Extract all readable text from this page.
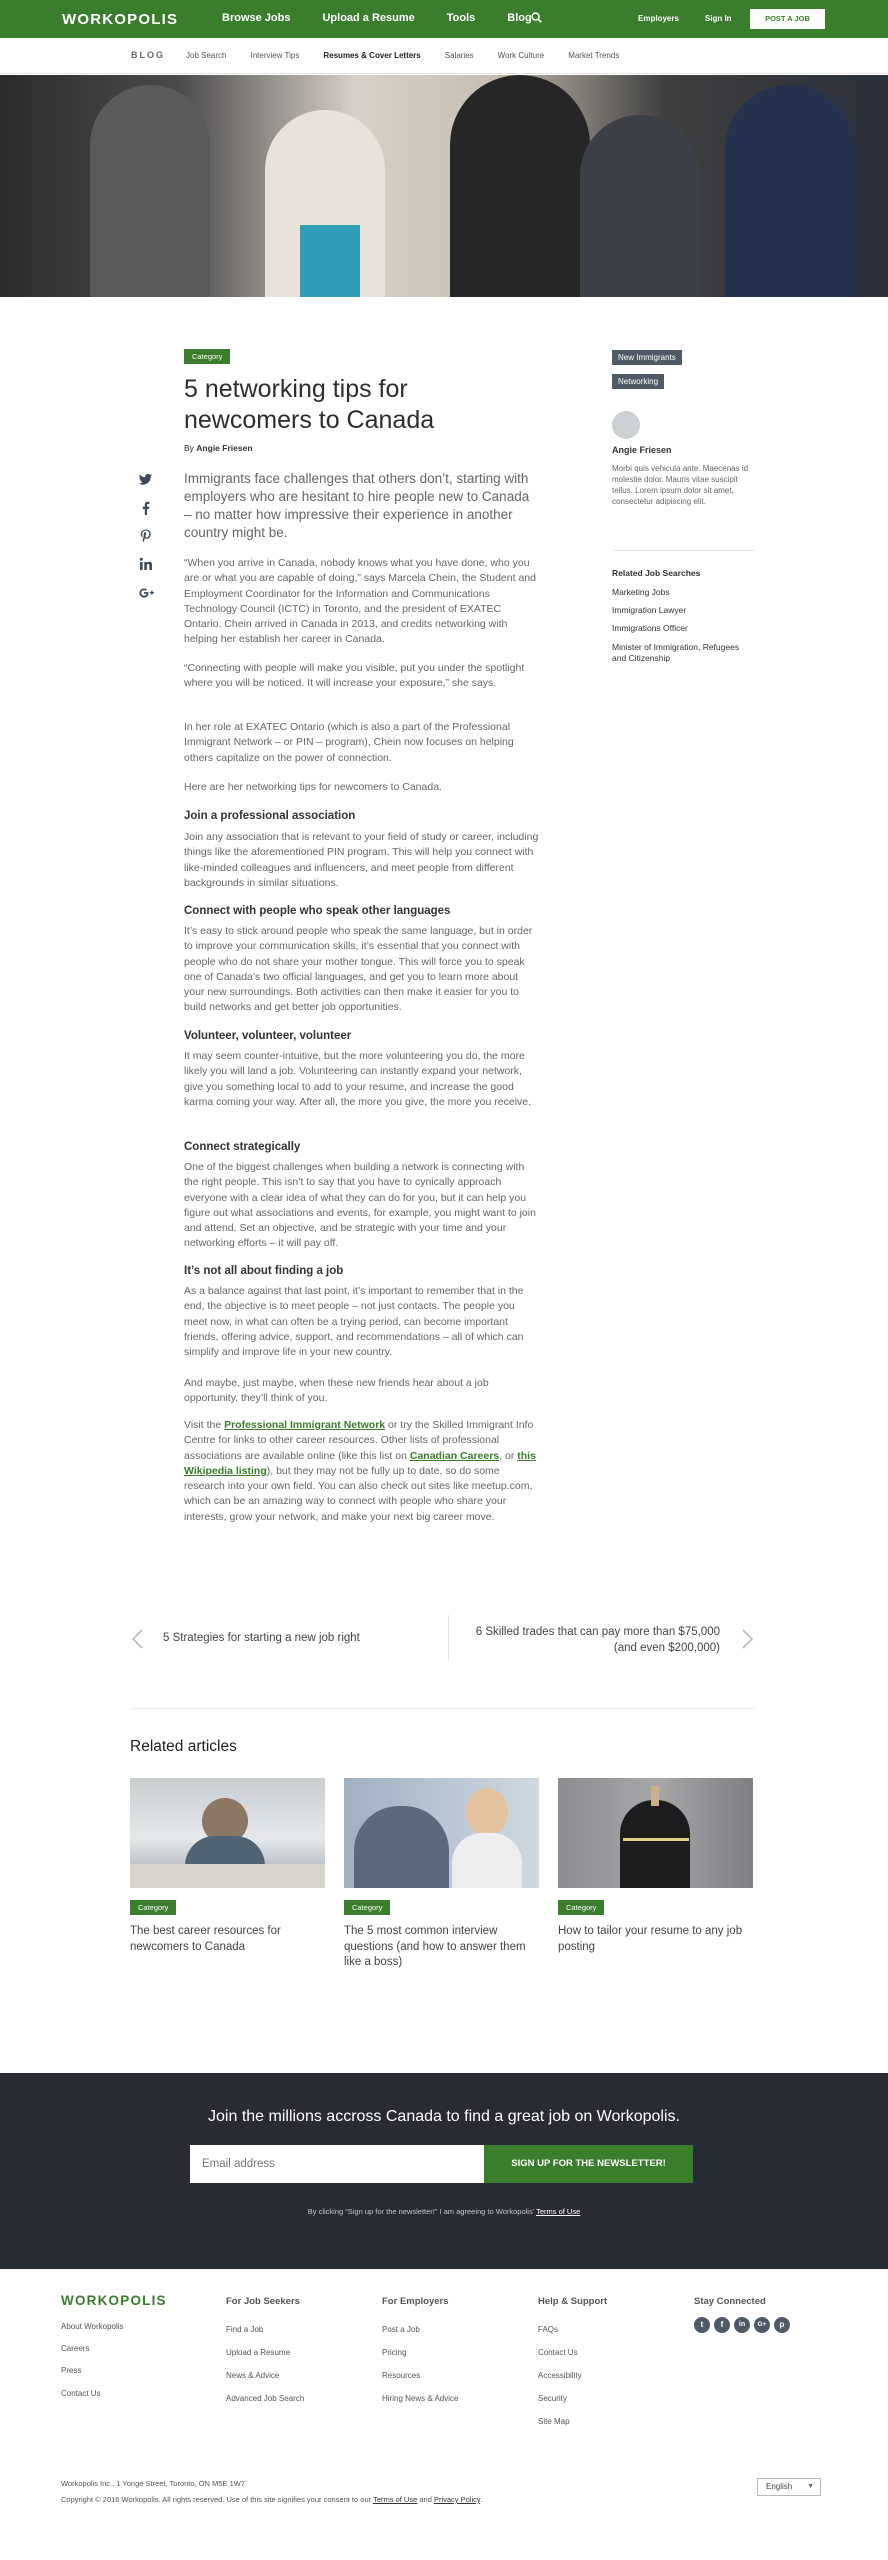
WORKOPOLIS	Browse Jobs	Upload a Resume	Tools	Blog	Employers	Sign In	POST A JOB
BLOG	Job Search	Interview Tips	Resumes & Cover Letters	Salaries	Work Culture	Market Trends
Category
5 networking tips for newcomers to Canada
By Angie Friesen

Immigrants face challenges that others don’t, starting with employers who are hesitant to hire people new to Canada – no matter how impressive their experience in another country might be.

“When you arrive in Canada, nobody knows what you have done, who you are or what you are capable of doing,” says Marcela Chein, the Student and Employment Coordinator for the Information and Communications Technology Council (ICTC) in Toronto, and the president of EXATEC Ontario. Chein arrived in Canada in 2013, and credits networking with helping her establish her career in Canada.

“Connecting with people will make you visible, put you under the spotlight where you will be noticed. It will increase your exposure,” she says.

In her role at EXATEC Ontario (which is also a part of the Professional Immigrant Network – or PIN – program), Chein now focuses on helping others capitalize on the power of connection.

Here are her networking tips for newcomers to Canada.

Join a professional association

Join any association that is relevant to your field of study or career, including things like the aforementioned PIN program. This will help you connect with like-minded colleagues and influencers, and meet people from different backgrounds in similar situations.

Connect with people who speak other languages

It’s easy to stick around people who speak the same language, but in order to improve your communication skills, it’s essential that you connect with people who do not share your mother tongue. This will force you to speak one of Canada’s two official languages, and get you to learn more about your new surroundings. Both activities can then make it easier for you to build networks and get better job opportunities.

Volunteer, volunteer, volunteer

It may seem counter-intuitive, but the more volunteering you do, the more likely you will land a job. Volunteering can instantly expand your network, give you something local to add to your resume, and increase the good karma coming your way. After all, the more you give, the more you receive.

Connect strategically

One of the biggest challenges when building a network is connecting with the right people. This isn’t to say that you have to cynically approach everyone with a clear idea of what they can do for you, but it can help you figure out what associations and events, for example, you might want to join and attend. Set an objective, and be strategic with your time and your networking efforts – it will pay off.

It’s not all about finding a job

As a balance against that last point, it’s important to remember that in the end, the objective is to meet people – not just contacts. The people you meet now, in what can often be a trying period, can become important friends, offering advice, support, and recommendations – all of which can simplify and improve life in your new country.

And maybe, just maybe, when these new friends hear about a job opportunity, they’ll think of you.

Visit the Professional Immigrant Network or try the Skilled Immigrant Info Centre for links to other career resources. Other lists of professional associations are available online (like this list on Canadian Careers, or this Wikipedia listing), but they may not be fully up to date, so do some research into your own field. You can also check out sites like meetup.com, which can be an amazing way to connect with people who share your interests, grow your network, and make your next big career move.

New Immigrants
Networking
Angie Friesen

Morbi quis vehicula ante. Maecenas id molestie dolor. Mauris vitae suscipit tellus. Lorem ipsum dolor sit amet, consectetur adipiscing elit.

Related Job Searches
Marketing Jobs
Immigration Lawyer
Immigrations Officer
Minister of Immigration, Refugees and Citizenship
5 Strategies for starting a new job right	6 Skilled trades that can pay more than $75,000 (and even $200,000)
Related articles
Category	Category	Category
The best career resources for newcomers to Canada
The 5 most common interview questions (and how to answer them like a boss)
How to tailor your resume to any job posting
Join the millions accross Canada to find a great job on Workopolis.
Email address
SIGN UP FOR THE NEWSLETTER!
By clicking “Sign up for the newsletter!” I am agreeing to Workopolis’ Terms of Use
WORKOPOLIS
About Workopolis
Careers
Press
Contact Us
For Job Seekers
Find a Job
Upload a Resume
News & Advice
Advanced Job Search
For Employers
Post a Job
Pricing
Resources
Hiring News & Advice
Help & Support
FAQs
Contact Us
Accessibility
Security
Site Map
Stay Connected
t	f	in	G+	p
Workopolis Inc., 1 Yonge Street, Toronto, ON M5E 1W7
Copyright © 2016 Workopolis. All rights reserved. Use of this site signifies your consent to our Terms of Use and Privacy Policy.
English ▼
